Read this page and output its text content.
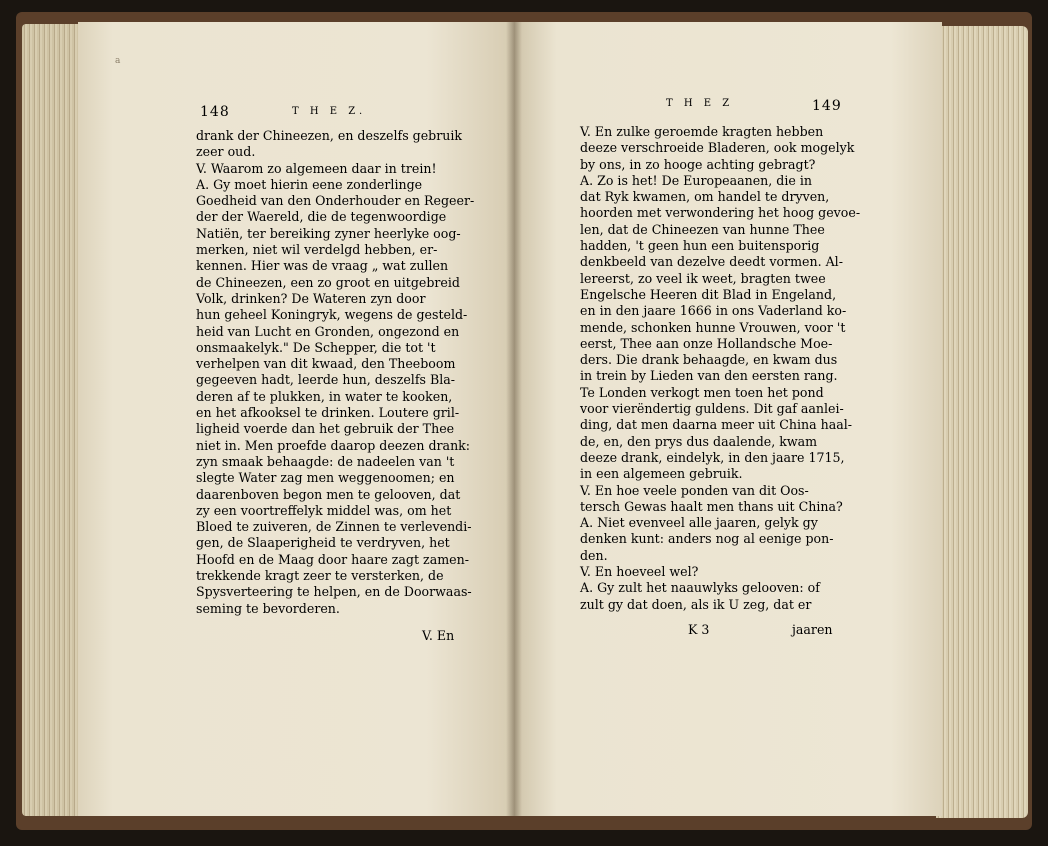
a
148	T H E Z.
drank der Chineezen, en deszelfs gebruik
zeer oud.
V. Waarom zo algemeen daar in trein!
A. Gy moet hierin eene zonderlinge
Goedheid van den Onderhouder en Regeer-
der der Waereld, die de tegenwoordige
Natiën, ter bereiking zyner heerlyke oog-
merken, niet wil verdelgd hebben, er-
kennen. Hier was de vraag „ wat zullen
de Chineezen, een zo groot en uitgebreid
Volk, drinken? De Wateren zyn door
hun geheel Koningryk, wegens de gesteld-
heid van Lucht en Gronden, ongezond en
onsmaakelyk." De Schepper, die tot 't
verhelpen van dit kwaad, den Theeboom
gegeeven hadt, leerde hun, deszelfs Bla-
deren af te plukken, in water te kooken,
en het afkooksel te drinken. Loutere gril-
ligheid voerde dan het gebruik der Thee
niet in. Men proefde daarop deezen drank:
zyn smaak behaagde: de nadeelen van 't
slegte Water zag men weggenoomen; en
daarenboven begon men te gelooven, dat
zy een voortreffelyk middel was, om het
Bloed te zuiveren, de Zinnen te verlevendi-
gen, de Slaaperigheid te verdryven, het
Hoofd en de Maag door haare zagt zamen-
trekkende kragt zeer te versterken, de
Spysverteering te helpen, en de Doorwaas-
seming te bevorderen.
V. En
T H E Z	149
V. En zulke geroemde kragten hebben
deeze verschroeide Bladeren, ook mogelyk
by ons, in zo hooge achting gebragt?
A. Zo is het! De Europeaanen, die in
dat Ryk kwamen, om handel te dryven,
hoorden met verwondering het hoog gevoe-
len, dat de Chineezen van hunne Thee
hadden, 't geen hun een buitensporig
denkbeeld van dezelve deedt vormen. Al-
lereerst, zo veel ik weet, bragten twee
Engelsche Heeren dit Blad in Engeland,
en in den jaare 1666 in ons Vaderland ko-
mende, schonken hunne Vrouwen, voor 't
eerst, Thee aan onze Hollandsche Moe-
ders. Die drank behaagde, en kwam dus
in trein by Lieden van den eersten rang.
Te Londen verkogt men toen het pond
voor vierëndertig guldens. Dit gaf aanlei-
ding, dat men daarna meer uit China haal-
de, en, den prys dus daalende, kwam
deeze drank, eindelyk, in den jaare 1715,
in een algemeen gebruik.
V. En hoe veele ponden van dit Oos-
tersch Gewas haalt men thans uit China?
A. Niet evenveel alle jaaren, gelyk gy
denken kunt: anders nog al eenige pon-
den.
V. En hoeveel wel?
A. Gy zult het naauwlyks gelooven: of
zult gy dat doen, als ik U zeg, dat er
K 3	jaaren
